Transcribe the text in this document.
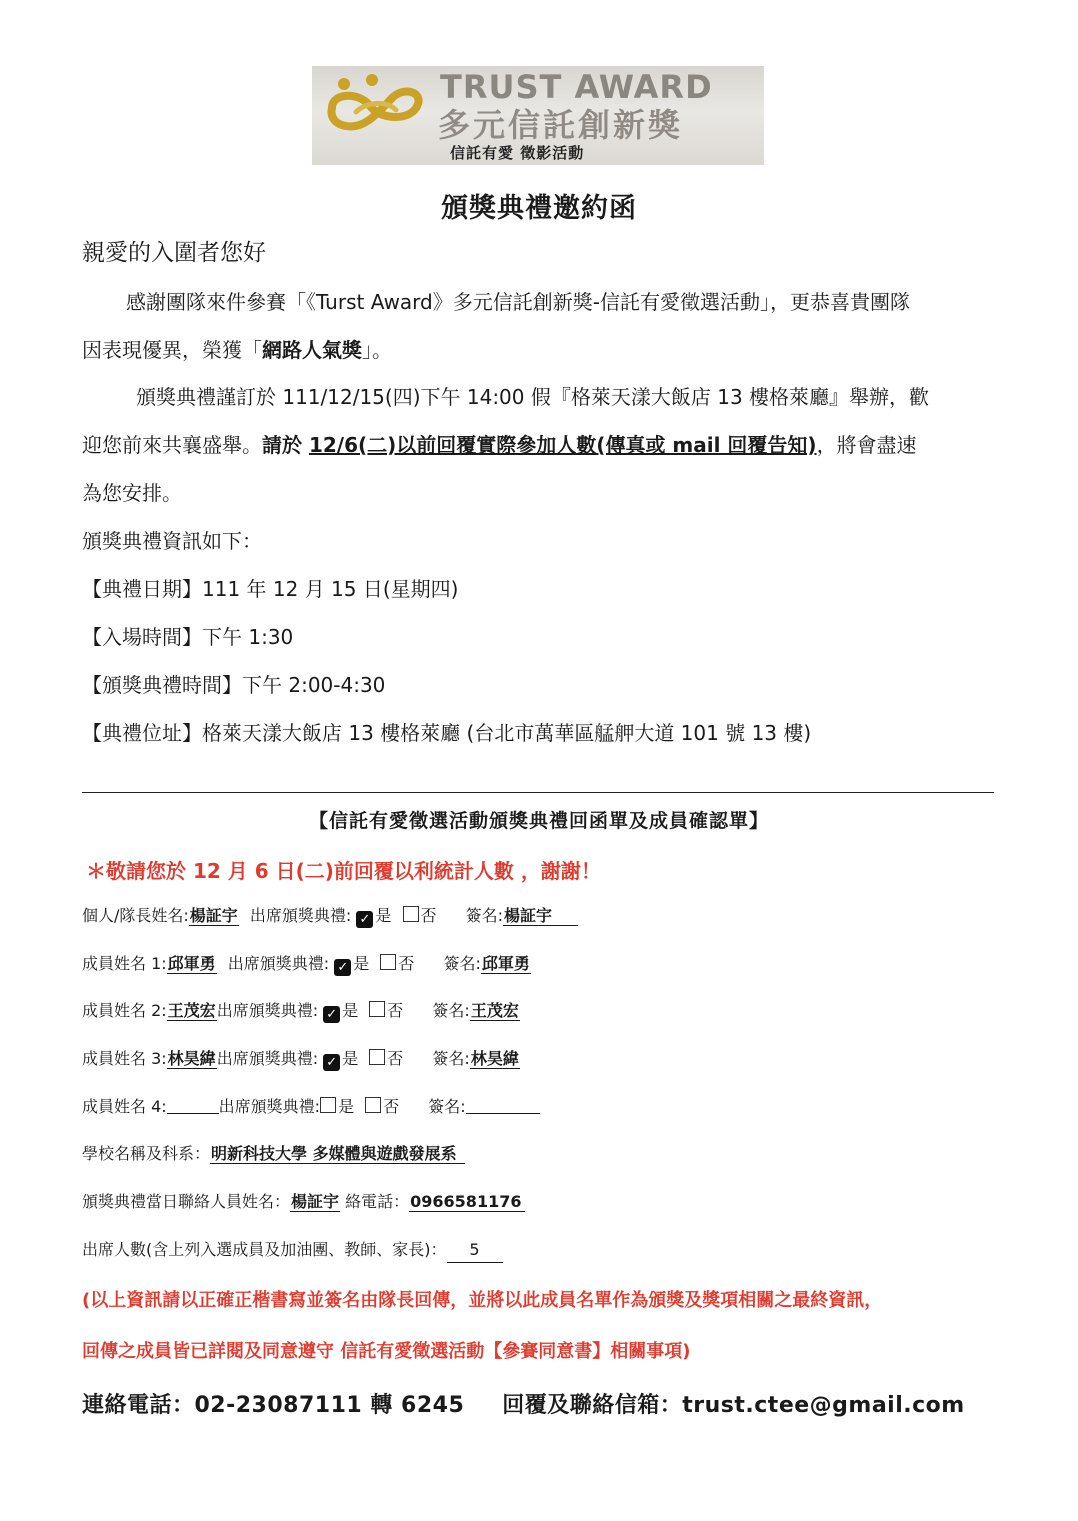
TRUST AWARD
多元信託創新獎
信託有愛 徵影活動
頒獎典禮邀約函
親愛的入圍者您好
感謝團隊來件參賽「《Turst Award》多元信託創新獎-信託有愛徵選活動」，更恭喜貴團隊
因表現優異，榮獲「網路人氣獎」。
頒獎典禮謹訂於 111/12/15(四)下午 14:00 假『格萊天漾大飯店 13 樓格萊廳』舉辦，歡
迎您前來共襄盛舉。請於 12/6(二)以前回覆實際參加人數(傳真或 mail 回覆告知)，將會盡速
為您安排。
頒獎典禮資訊如下：
【典禮日期】111 年 12 月 15 日(星期四)
【入場時間】下午 1:30
【頒獎典禮時間】下午 2:00-4:30
【典禮位址】格萊天漾大飯店 13 樓格萊廳 (台北市萬華區艋舺大道 101 號 13 樓)
【信託有愛徵選活動頒獎典禮回函單及成員確認單】
＊敬請您於 12 月 6 日(二)前回覆以利統計人數 ，謝謝！
個人/隊長姓名:楊証宇 出席頒獎典禮: ✓ 是 否 簽名:楊証宇
成員姓名 1:邱軍勇 出席頒獎典禮: ✓ 是 否 簽名:邱軍勇
成員姓名 2:王茂宏出席頒獎典禮: ✓ 是 否 簽名:王茂宏
成員姓名 3:林昊緯出席頒獎典禮: ✓ 是 否 簽名:林昊緯
成員姓名 4:	出席頒獎典禮: 是 否 簽名:
學校名稱及科系：明新科技大學 多媒體與遊戲發展系
頒獎典禮當日聯絡人員姓名：楊証宇 絡電話：0966581176
出席人數(含上列入選成員及加油團、教師、家長)： 5
(以上資訊請以正確正楷書寫並簽名由隊長回傳，並將以此成員名單作為頒獎及獎項相關之最終資訊，
回傳之成員皆已詳閱及同意遵守 信託有愛徵選活動【參賽同意書】相關事項)
連絡電話：02-23087111 轉 6245 回覆及聯絡信箱：trust.ctee@gmail.com
